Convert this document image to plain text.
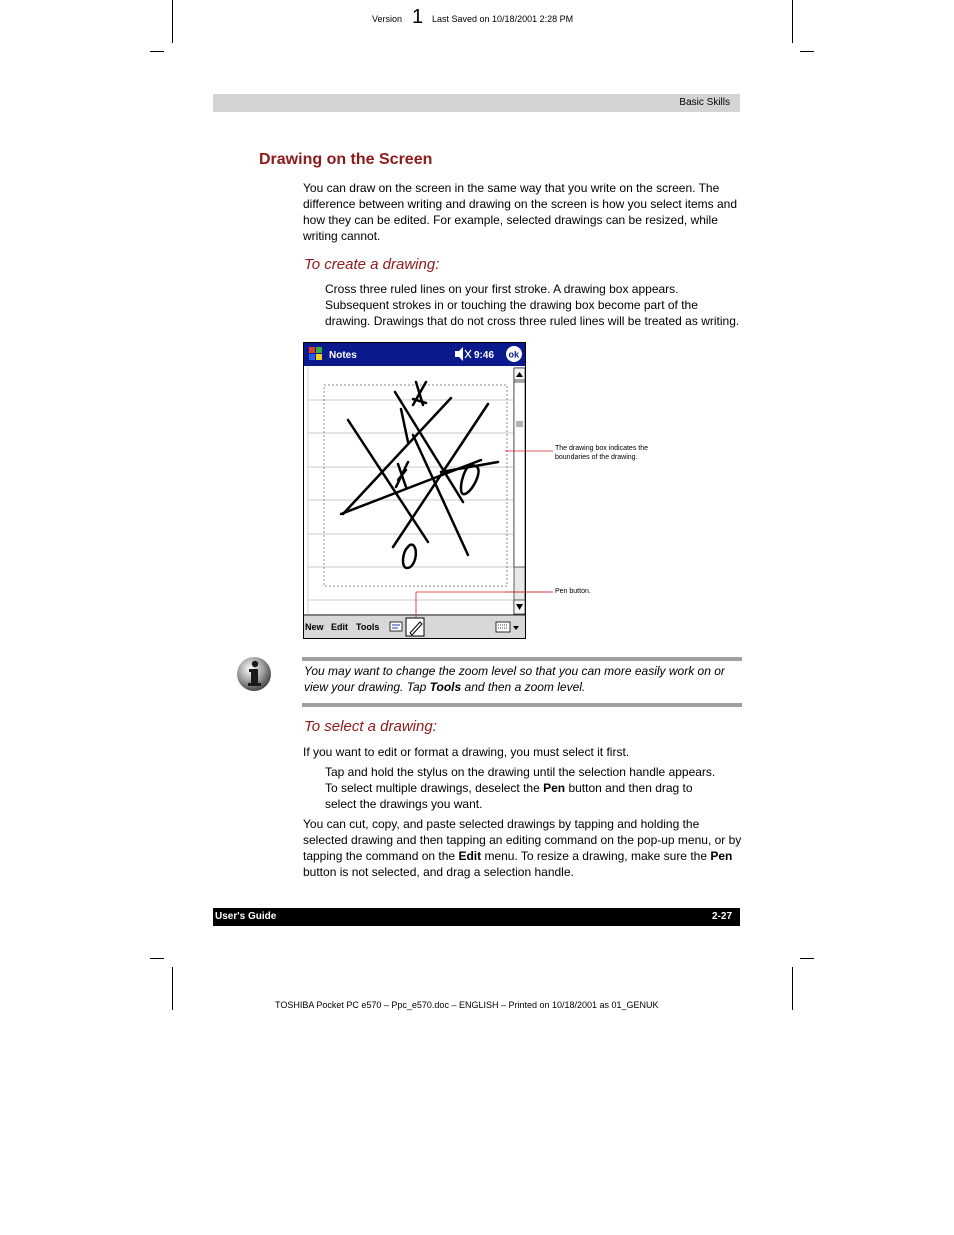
Version 1 Last Saved on 10/18/2001 2:28 PM
Basic Skills
Drawing on the Screen
You can draw on the screen in the same way that you write on the screen. The difference between writing and drawing on the screen is how you select items and how they can be edited. For example, selected drawings can be resized, while writing cannot.
To create a drawing:
Cross three ruled lines on your first stroke. A drawing box appears. Subsequent strokes in or touching the drawing box become part of the drawing. Drawings that do not cross three ruled lines will be treated as writing.
Notes	9:46 ok
New Edit Tools
The drawing box indicates the boundaries of the drawing.
Pen button.

You may want to change the zoom level so that you can more easily work on or view your drawing. Tap Tools and then a zoom level.

To select a drawing:
If you want to edit or format a drawing, you must select it first.
Tap and hold the stylus on the drawing until the selection handle appears. To select multiple drawings, deselect the Pen button and then drag to select the drawings you want.
You can cut, copy, and paste selected drawings by tapping and holding the selected drawing and then tapping an editing command on the pop-up menu, or by tapping the command on the Edit menu. To resize a drawing, make sure the Pen button is not selected, and drag a selection handle.
User's Guide	2-27
TOSHIBA Pocket PC e570 – Ppc_e570.doc – ENGLISH – Printed on 10/18/2001 as 01_GENUK
